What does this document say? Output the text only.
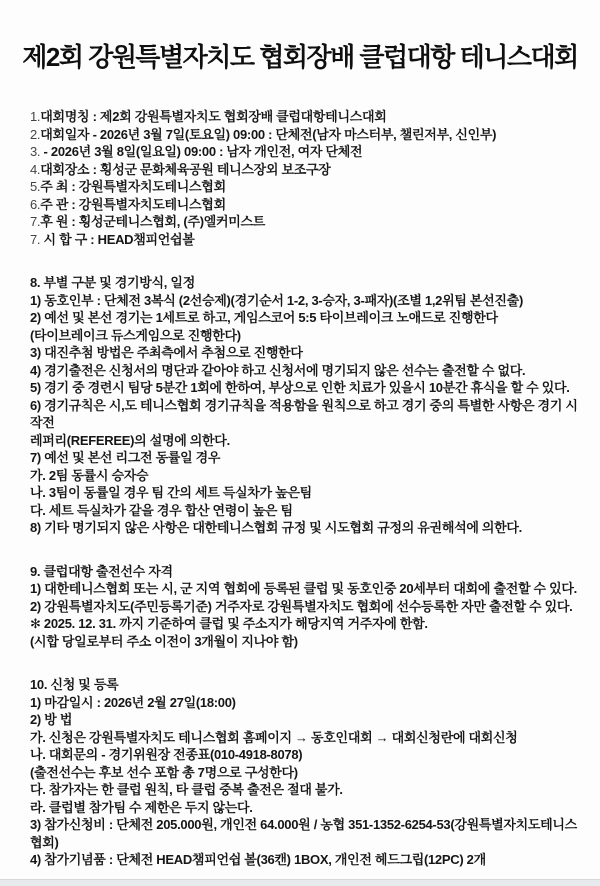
제2회 강원특별자치도 협회장배 클럽대항 테니스대회

1.대회명칭 : 제2회 강원특별자치도 협회장배 클럽대항테니스대회

2.대회일자 - 2026년 3월 7일(토요일) 09:00 : 단체전(남자 마스터부, 챌린저부, 신인부)

3. - 2026년 3월 8일(일요일) 09:00 : 남자 개인전, 여자 단체전

4.대회장소 : 횡성군 문화체육공원 테니스장외 보조구장

5.주 최 : 강원특별자치도테니스협회

6.주 관 : 강원특별자치도테니스협회

7.후 원 : 횡성군테니스협회, (주)엘커미스트

7. 시 합 구 : HEAD챔피언쉽볼

8. 부별 구분 및 경기방식, 일정

1) 동호인부 : 단체전 3복식 (2선승제)(경기순서 1-2, 3-승자, 3-패자)(조별 1,2위팀 본선진출)

2) 예선 및 본선 경기는 1세트로 하고, 게임스코어 5:5 타이브레이크 노애드로 진행한다

(타이브레이크 듀스게임으로 진행한다)

3) 대진추첨 방법은 주최측에서 추첨으로 진행한다

4) 경기출전은 신청서의 명단과 같아야 하고 신청서에 명기되지 않은 선수는 출전할 수 없다.

5) 경기 중 경련시 팀당 5분간 1회에 한하여, 부상으로 인한 치료가 있을시 10분간 휴식을 할 수 있다.

6) 경기규칙은 시,도 테니스협회 경기규칙을 적용함을 원칙으로 하고 경기 중의 특별한 사항은 경기 시작전

레퍼리(REFEREE)의 설명에 의한다.

7) 예선 및 본선 리그전 동률일 경우

가. 2팀 동률시 승자승

나. 3팀이 동률일 경우 팀 간의 세트 득실차가 높은팀

다. 세트 득실차가 같을 경우 합산 연령이 높은 팀

8) 기타 명기되지 않은 사항은 대한테니스협회 규정 및 시도협회 규정의 유권해석에 의한다.

9. 클럽대항 출전선수 자격

1) 대한테니스협회 또는 시, 군 지역 협회에 등록된 클럽 및 동호인중 20세부터 대회에 출전할 수 있다.

2) 강원특별자치도(주민등록기준) 거주자로 강원특별자치도 협회에 선수등록한 자만 출전할 수 있다.

✻ 2025. 12. 31. 까지 기준하여 클럽 및 주소지가 해당지역 거주자에 한함.

(시합 당일로부터 주소 이전이 3개월이 지나야 함)

10. 신청 및 등록

1) 마감일시 : 2026년 2월 27일(18:00)

2) 방 법

가. 신청은 강원특별자치도 테니스협회 홈페이지 → 동호인대회 → 대회신청란에 대회신청

나. 대회문의 - 경기위원장 전종표(010-4918-8078)

(출전선수는 후보 선수 포함 총 7명으로 구성한다)

다. 참가자는 한 클럽 원칙, 타 클럽 중복 출전은 절대 불가.

라. 클럽별 참가팀 수 제한은 두지 않는다.

3) 참가신청비 : 단체전 205.000원, 개인전 64.000원 / 농협 351-1352-6254-53(강원특별자치도테니스협회)

4) 참가기념품 : 단체전 HEAD챔피언쉽 볼(36캔) 1BOX, 개인전 헤드그립(12PC) 2개
